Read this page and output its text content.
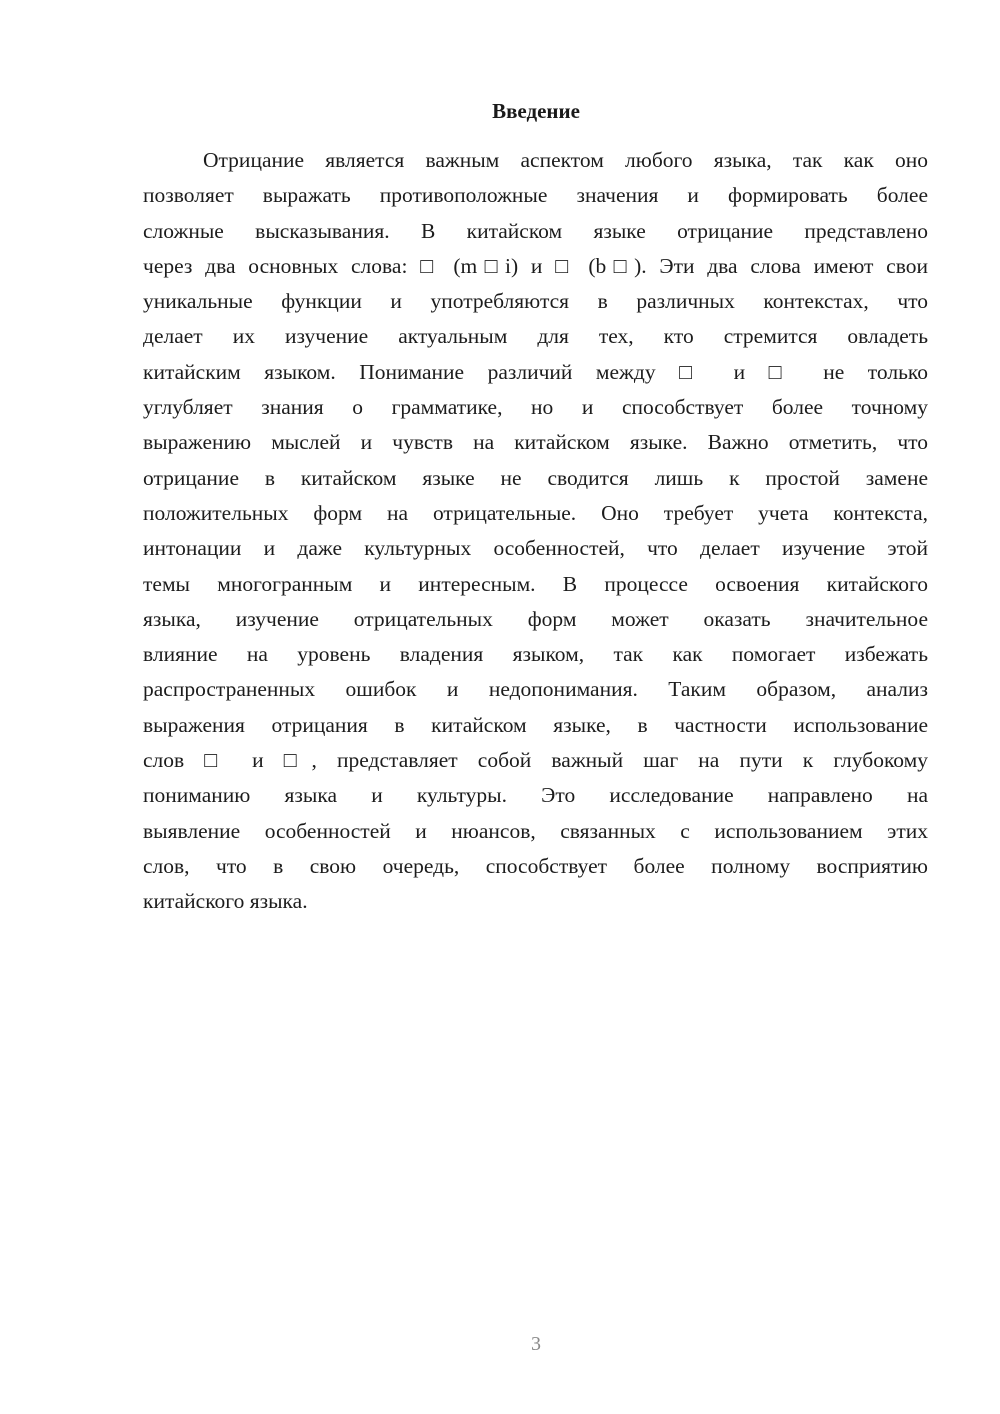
Введение
Отрицание является важным аспектом любого языка, так как оно
позволяет выражать противоположные значения и формировать более
сложные высказывания. В китайском языке отрицание представлено
через два основных слова: □ (m□i) и □ (b□). Эти два слова имеют свои
уникальные функции и употребляются в различных контекстах, что
делает их изучение актуальным для тех, кто стремится овладеть
китайским языком. Понимание различий между □ и □ не только
углубляет знания о грамматике, но и способствует более точному
выражению мыслей и чувств на китайском языке. Важно отметить, что
отрицание в китайском языке не сводится лишь к простой замене
положительных форм на отрицательные. Оно требует учета контекста,
интонации и даже культурных особенностей, что делает изучение этой
темы многогранным и интересным. В процессе освоения китайского
языка, изучение отрицательных форм может оказать значительное
влияние на уровень владения языком, так как помогает избежать
распространенных ошибок и недопонимания. Таким образом, анализ
выражения отрицания в китайском языке, в частности использование
слов □ и □, представляет собой важный шаг на пути к глубокому
пониманию языка и культуры. Это исследование направлено на
выявление особенностей и нюансов, связанных с использованием этих
слов, что в свою очередь, способствует более полному восприятию
китайского языка.
3
